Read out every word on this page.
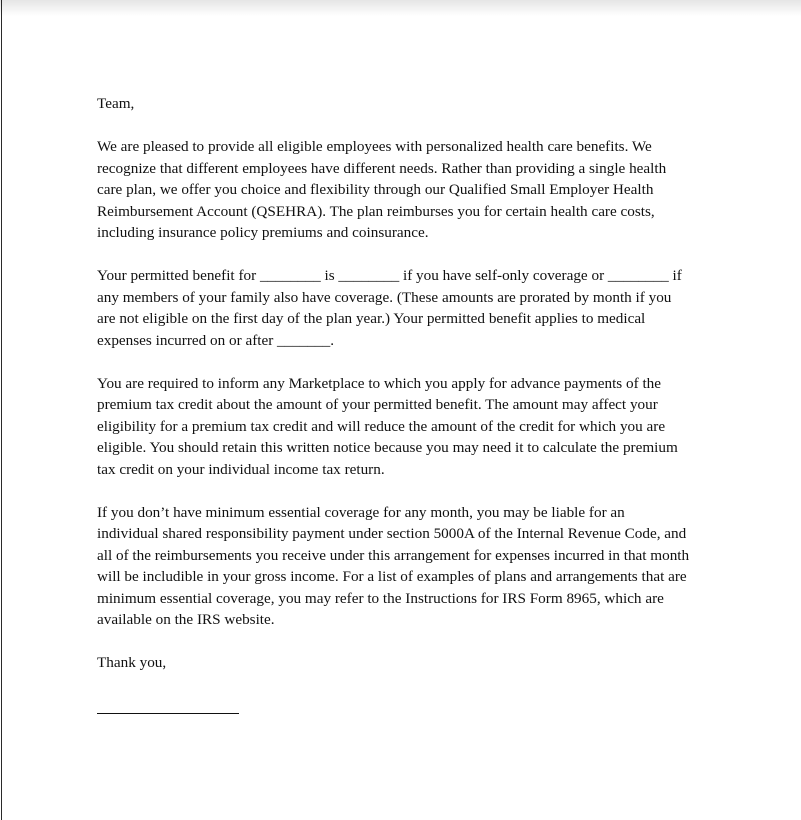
Team,

We are pleased to provide all eligible employees with personalized health care benefits. We
recognize that different employees have different needs. Rather than providing a single health
care plan, we offer you choice and flexibility through our Qualified Small Employer Health
Reimbursement Account (QSEHRA). The plan reimburses you for certain health care costs,
including insurance policy premiums and coinsurance.

Your permitted benefit for ________ is ________ if you have self-only coverage or ________ if
any members of your family also have coverage. (These amounts are prorated by month if you
are not eligible on the first day of the plan year.) Your permitted benefit applies to medical
expenses incurred on or after _______.

You are required to inform any Marketplace to which you apply for advance payments of the
premium tax credit about the amount of your permitted benefit. The amount may affect your
eligibility for a premium tax credit and will reduce the amount of the credit for which you are
eligible. You should retain this written notice because you may need it to calculate the premium
tax credit on your individual income tax return.

If you don’t have minimum essential coverage for any month, you may be liable for an
individual shared responsibility payment under section 5000A of the Internal Revenue Code, and
all of the reimbursements you receive under this arrangement for expenses incurred in that month
will be includible in your gross income. For a list of examples of plans and arrangements that are
minimum essential coverage, you may refer to the Instructions for IRS Form 8965, which are
available on the IRS website.

Thank you,
